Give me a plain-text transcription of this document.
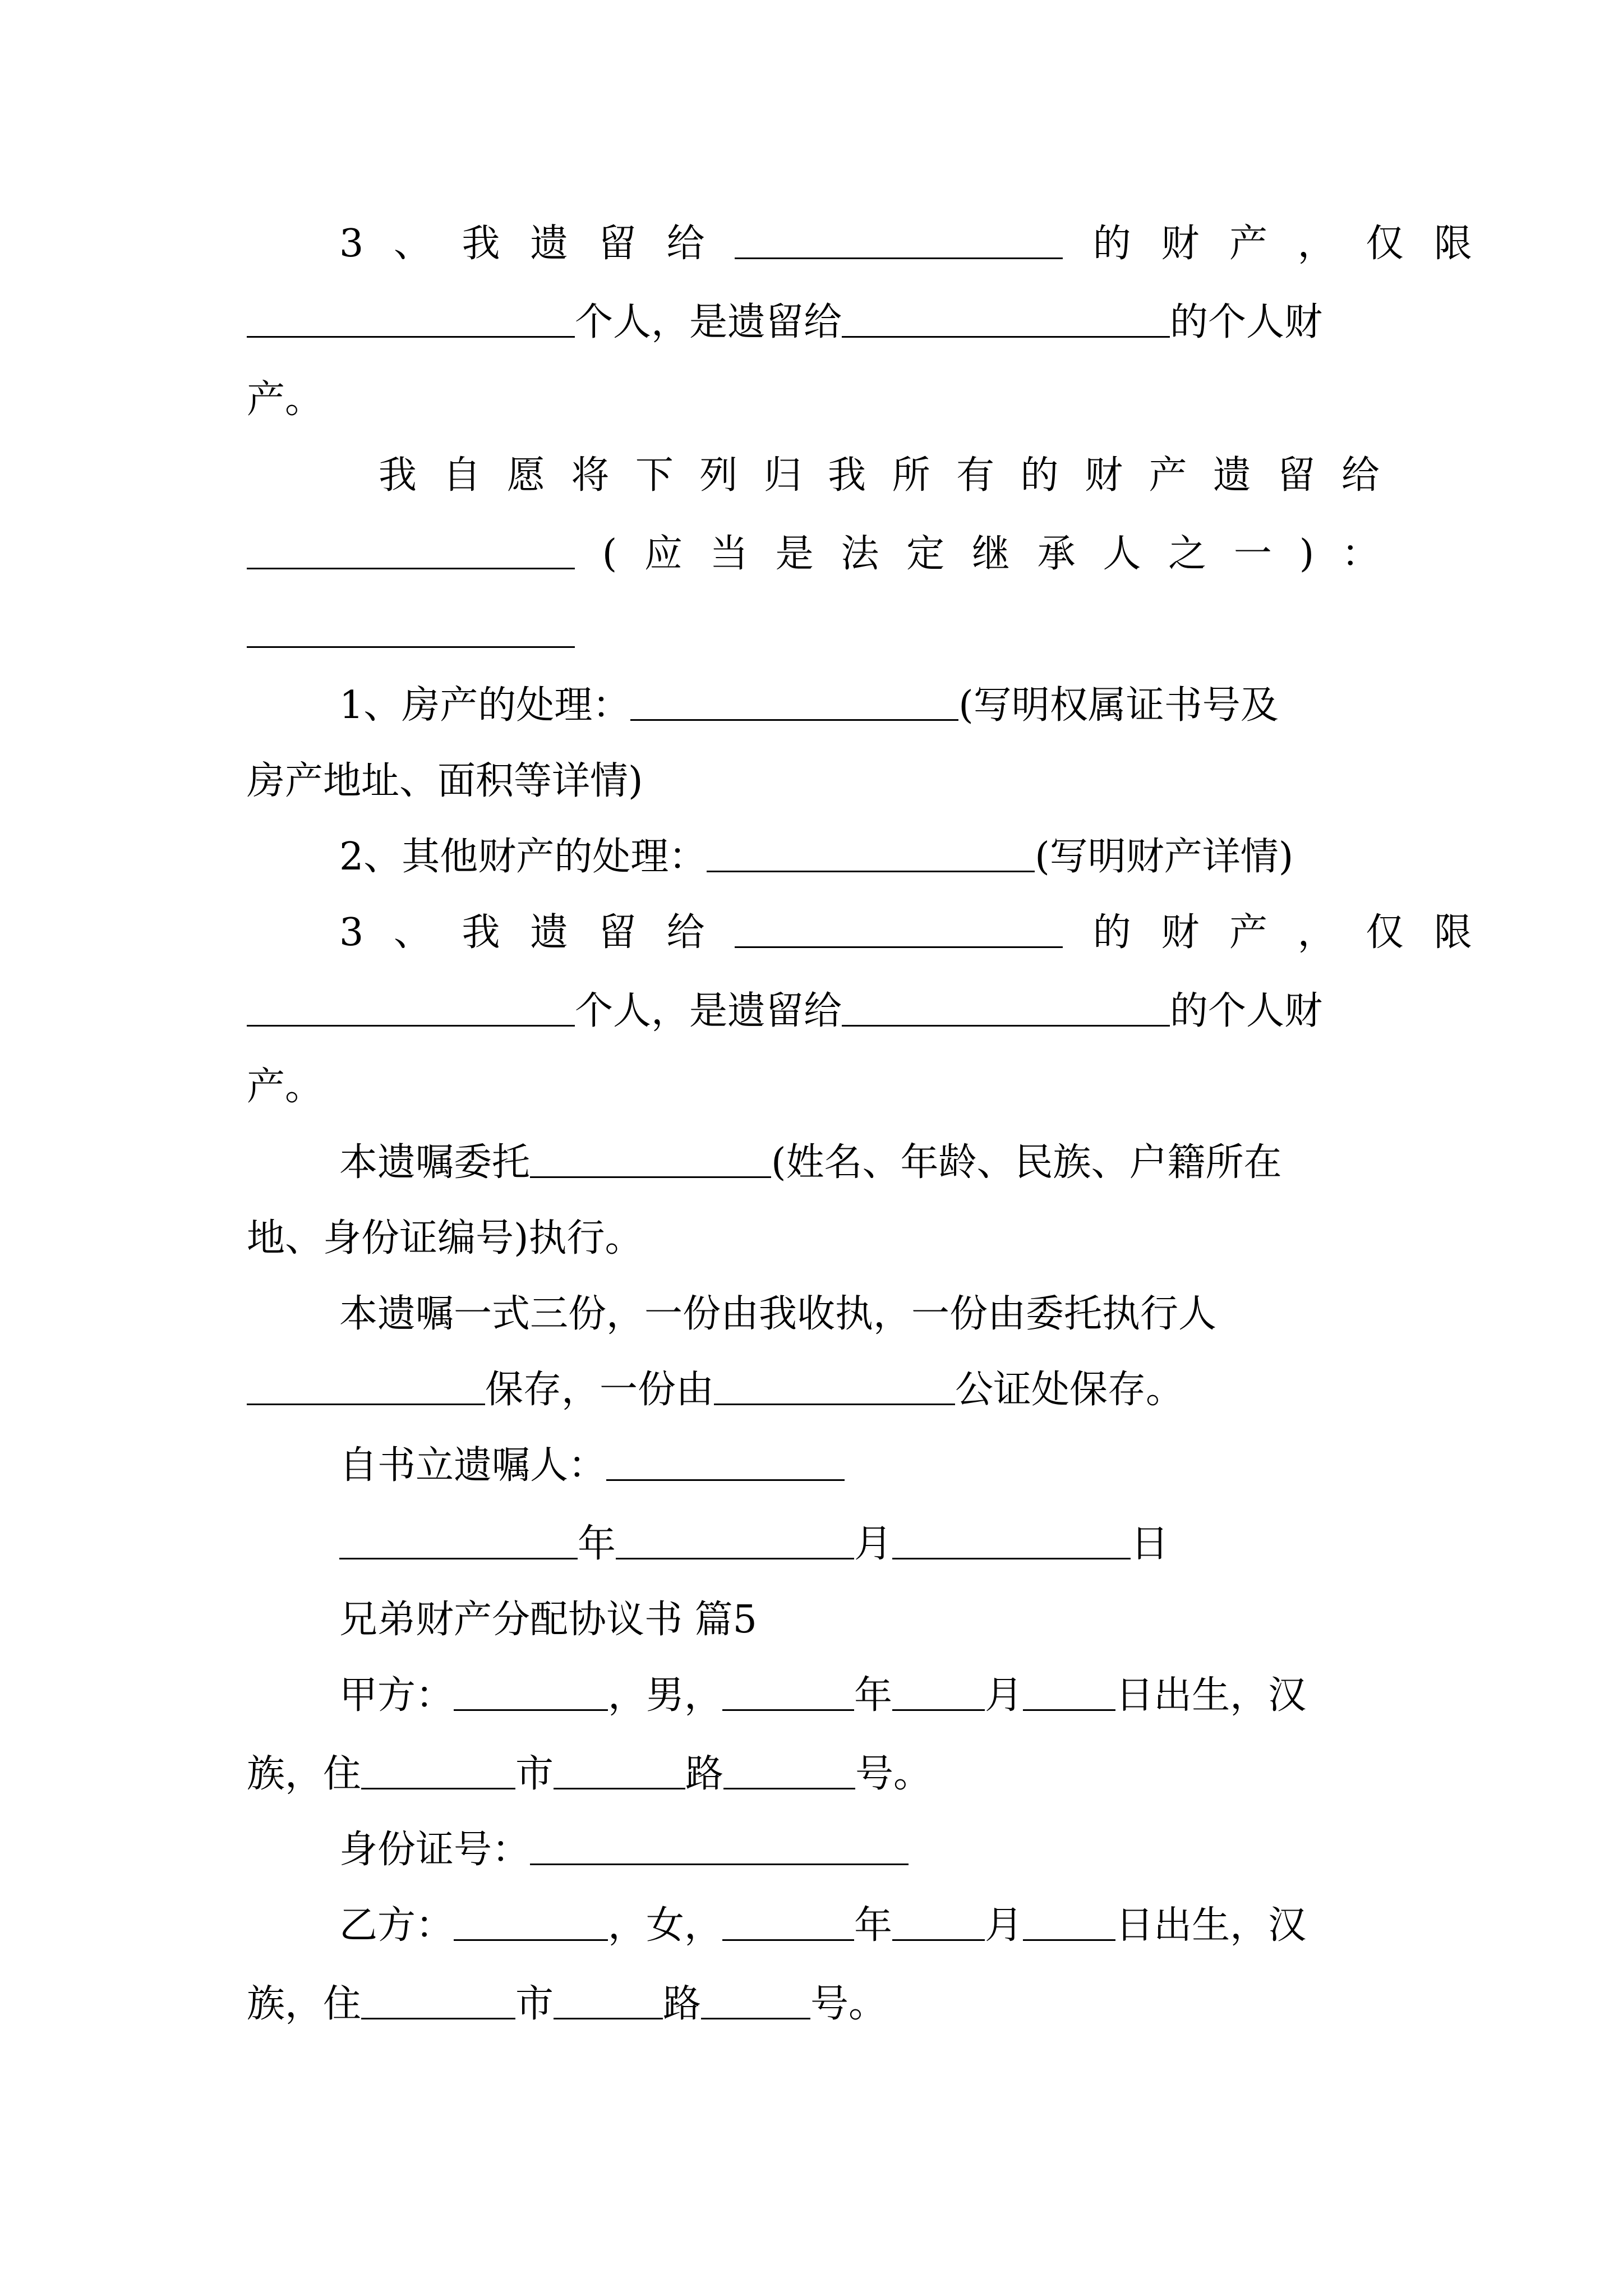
3 、 我 遗 留 给	的 财 产 ， 仅 限
个人，是遗留给	的个人财
产。
我 自 愿 将 下 列 归 我 所 有 的 财 产 遗 留 给
( 应 当 是 法 定 继 承 人 之 一 ) ：
1、房产的处理：	(写明权属证书号及
房产地址、面积等详情)
2、其他财产的处理：	(写明财产详情)
3 、 我 遗 留 给	的 财 产 ， 仅 限
个人，是遗留给	的个人财
产。
本遗嘱委托	(姓名、年龄、民族、户籍所在
地、身份证编号)执行。
本遗嘱一式三份，一份由我收执，一份由委托执行人
保存，一份由	公证处保存。
自书立遗嘱人：
年	月	日
兄弟财产分配协议书 篇5
甲方：	，男，	年 月 日出生，汉
族，住	市	路	号。
身份证号：
乙方：	，女，	年 月 日出生，汉
族，住	市	路	号。
